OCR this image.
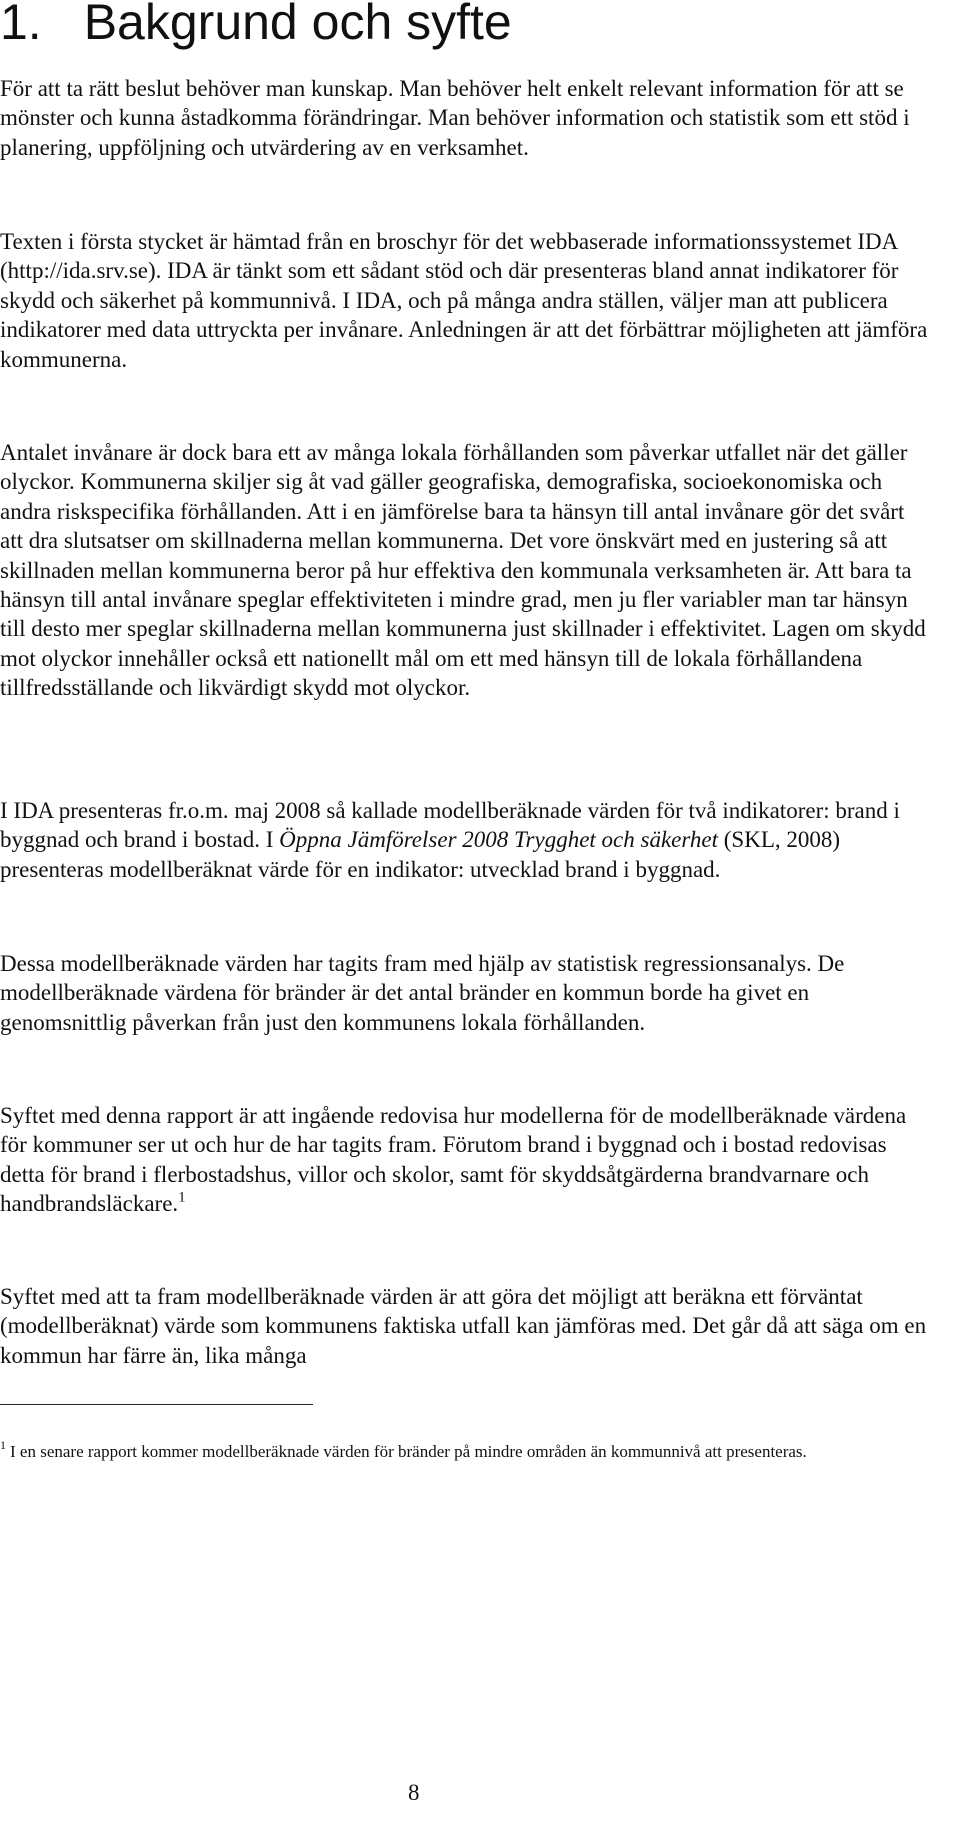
1. Bakgrund och syfte

För att ta rätt beslut behöver man kunskap. Man behöver helt enkelt relevant information för att se mönster och kunna åstadkomma förändringar. Man behöver information och statistik som ett stöd i planering, uppföljning och utvärdering av en verksamhet.

Texten i första stycket är hämtad från en broschyr för det webbaserade informationssystemet IDA (http://ida.srv.se). IDA är tänkt som ett sådant stöd och där presenteras bland annat indikatorer för skydd och säkerhet på kommunnivå. I IDA, och på många andra ställen, väljer man att publicera indikatorer med data uttryckta per invånare. Anledningen är att det förbättrar möjligheten att jämföra kommunerna.

Antalet invånare är dock bara ett av många lokala förhållanden som påverkar utfallet när det gäller olyckor. Kommunerna skiljer sig åt vad gäller geografiska, demografiska, socioekonomiska och andra riskspecifika förhållanden. Att i en jämförelse bara ta hänsyn till antal invånare gör det svårt att dra slutsatser om skillnaderna mellan kommunerna. Det vore önskvärt med en justering så att skillnaden mellan kommunerna beror på hur effektiva den kommunala verksamheten är. Att bara ta hänsyn till antal invånare speglar effektiviteten i mindre grad, men ju fler variabler man tar hänsyn till desto mer speglar skillnaderna mellan kommunerna just skillnader i effektivitet. Lagen om skydd mot olyckor innehåller också ett nationellt mål om ett med hänsyn till de lokala förhållandena tillfredsställande och likvärdigt skydd mot olyckor.

I IDA presenteras fr.o.m. maj 2008 så kallade modellberäknade värden för två indikatorer: brand i byggnad och brand i bostad. I Öppna Jämförelser 2008 Trygghet och säkerhet (SKL, 2008) presenteras modellberäknat värde för en indikator: utvecklad brand i byggnad.

Dessa modellberäknade värden har tagits fram med hjälp av statistisk regressionsanalys. De modellberäknade värdena för bränder är det antal bränder en kommun borde ha givet en genomsnittlig påverkan från just den kommunens lokala förhållanden.

Syftet med denna rapport är att ingående redovisa hur modellerna för de modellberäknade värdena för kommuner ser ut och hur de har tagits fram. Förutom brand i byggnad och i bostad redovisas detta för brand i flerbostadshus, villor och skolor, samt för skyddsåtgärderna brandvarnare och handbrandsläckare.$^1$

Syftet med att ta fram modellberäknade värden är att göra det möjligt att beräkna ett förväntat (modellberäknat) värde som kommunens faktiska utfall kan jämföras med. Det går då att säga om en kommun har färre än, lika många

$^1$ I en senare rapport kommer modellberäknade värden för bränder på mindre områden än kommunnivå att presenteras.

8
